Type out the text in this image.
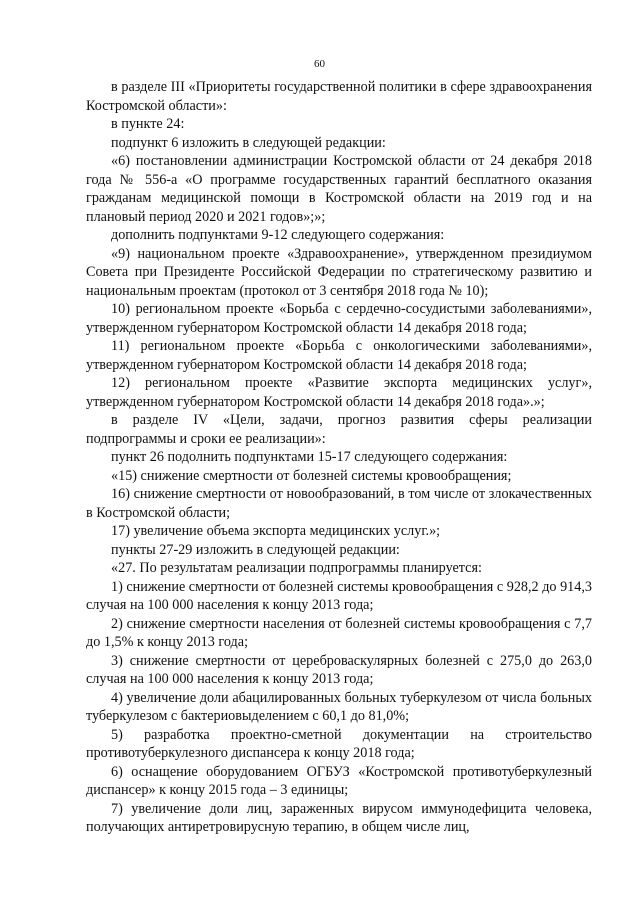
60

в разделе III «Приоритеты государственной политики в сфере здравоохранения Костромской области»:

в пункте 24:

подпункт 6 изложить в следующей редакции:

«6) постановлении администрации Костромской области от 24 декабря 2018 года № 556-а «О программе государственных гарантий бесплатного оказания гражданам медицинской помощи в Костромской области на 2019 год и на плановый период 2020 и 2021 годов»;»;

дополнить подпунктами 9-12 следующего содержания:

«9) национальном проекте «Здравоохранение», утвержденном президиумом Совета при Президенте Российской Федерации по стратегическому развитию и национальным проектам (протокол от 3 сентября 2018 года № 10);

10) региональном проекте «Борьба с сердечно-сосудистыми заболеваниями», утвержденном губернатором Костромской области 14 декабря 2018 года;

11) региональном проекте «Борьба с онкологическими заболеваниями», утвержденном губернатором Костромской области 14 декабря 2018 года;

12) региональном проекте «Развитие экспорта медицинских услуг», утвержденном губернатором Костромской области 14 декабря 2018 года».»;

в разделе IV «Цели, задачи, прогноз развития сферы реализации подпрограммы и сроки ее реализации»:

пункт 26 подолнить подпунктами 15-17 следующего содержания:

«15) снижение смертности от болезней системы кровообращения;

16) снижение смертности от новообразований, в том числе от злокачественных в Костромской области;

17) увеличение объема экспорта медицинских услуг.»;

пункты 27-29 изложить в следующей редакции:

«27. По результатам реализации подпрограммы планируется:

1) снижение смертности от болезней системы кровообращения с 928,2 до 914,3 случая на 100 000 населения к концу 2013 года;

2) снижение смертности населения от болезней системы кровообращения с 7,7 до 1,5% к концу 2013 года;

3) снижение смертности от цереброваскулярных болезней с 275,0 до 263,0 случая на 100 000 населения к концу 2013 года;

4) увеличение доли абацилированных больных туберкулезом от числа больных туберкулезом с бактериовыделением с 60,1 до 81,0%;

5) разработка проектно-сметной документации на строительство противотуберкулезного диспансера к концу 2018 года;

6) оснащение оборудованием ОГБУЗ «Костромской противотуберкулезный диспансер» к концу 2015 года – 3 единицы;

7) увеличение доли лиц, зараженных вирусом иммунодефицита человека, получающих антиретровирусную терапию, в общем числе лиц,
